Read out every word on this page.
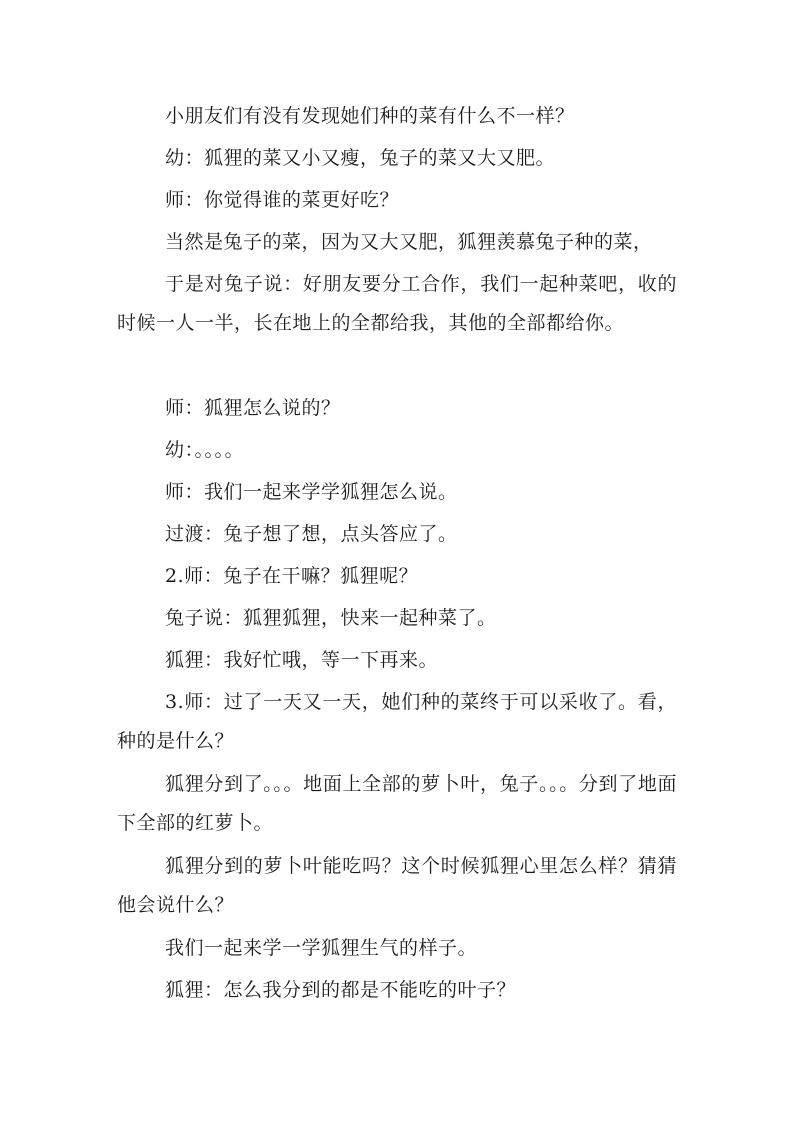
小朋友们有没有发现她们种的菜有什么不一样？

幼：狐狸的菜又小又瘦，兔子的菜又大又肥。

师：你觉得谁的菜更好吃？

当然是兔子的菜，因为又大又肥，狐狸羡慕兔子种的菜，

于是对兔子说：好朋友要分工合作，我们一起种菜吧，收的时候一人一半，长在地上的全都给我，其他的全部都给你。

师：狐狸怎么说的？

幼：。。。。

师：我们一起来学学狐狸怎么说。

过渡：兔子想了想，点头答应了。

2.师：兔子在干嘛？狐狸呢？

兔子说：狐狸狐狸，快来一起种菜了。

狐狸：我好忙哦，等一下再来。

3.师：过了一天又一天，她们种的菜终于可以采收了。看，种的是什么？

狐狸分到了。。。地面上全部的萝卜叶，兔子。。。分到了地面下全部的红萝卜。

狐狸分到的萝卜叶能吃吗？这个时候狐狸心里怎么样？猜猜他会说什么？

我们一起来学一学狐狸生气的样子。

狐狸：怎么我分到的都是不能吃的叶子？
